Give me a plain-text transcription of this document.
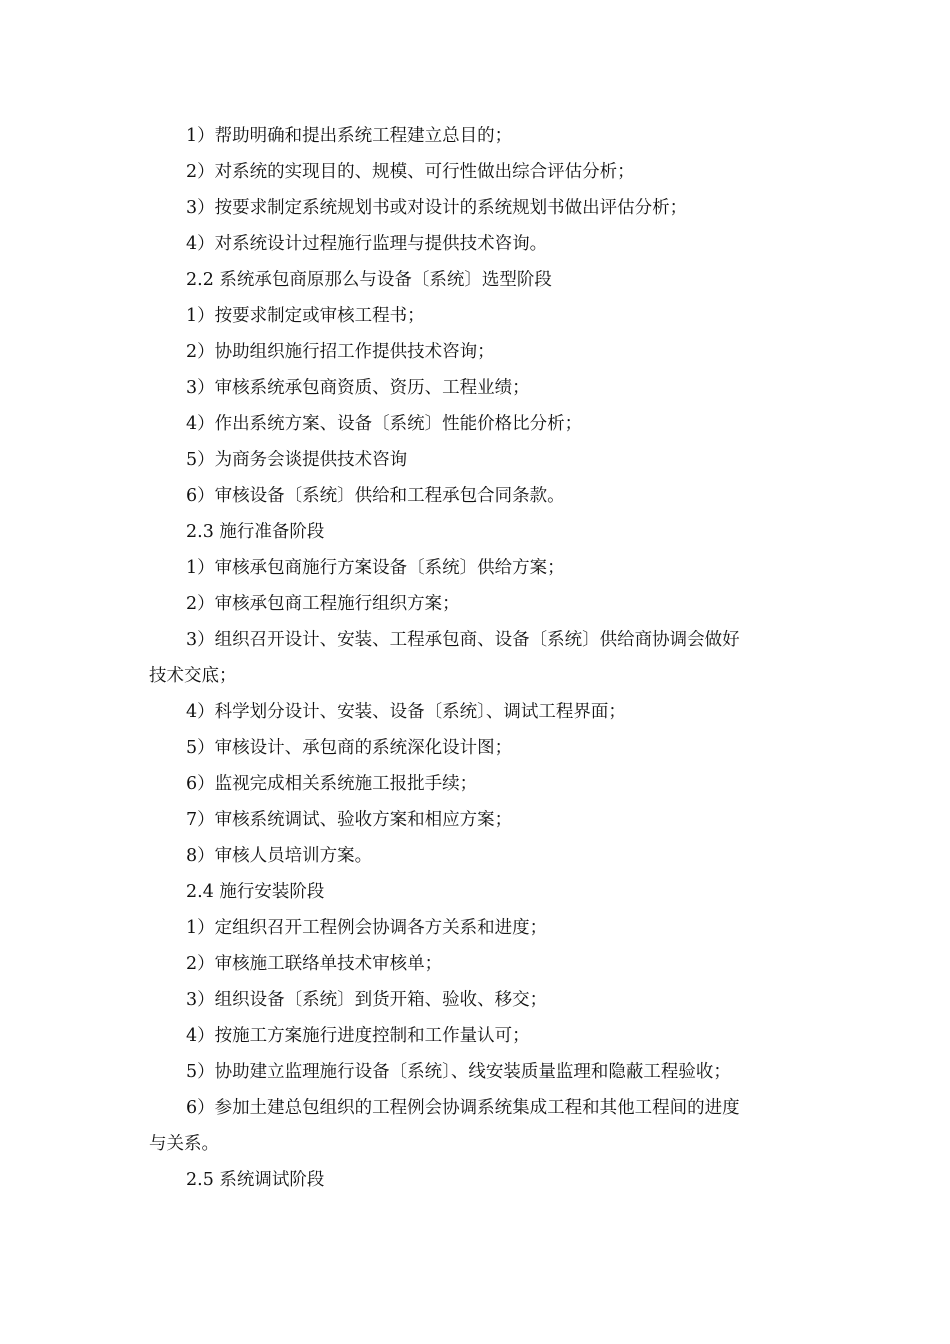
1）帮助明确和提出系统工程建立总目的；
2）对系统的实现目的、规模、可行性做出综合评估分析；
3）按要求制定系统规划书或对设计的系统规划书做出评估分析；
4）对系统设计过程施行监理与提供技术咨询。
2.2 系统承包商原那么与设备〔系统〕选型阶段
1）按要求制定或审核工程书；
2）协助组织施行招工作提供技术咨询；
3）审核系统承包商资质、资历、工程业绩；
4）作出系统方案、设备〔系统〕性能价格比分析；
5）为商务会谈提供技术咨询
6）审核设备〔系统〕供给和工程承包合同条款。
2.3 施行准备阶段
1）审核承包商施行方案设备〔系统〕供给方案；
2）审核承包商工程施行组织方案；
3）组织召开设计、安装、工程承包商、设备〔系统〕供给商协调会做好
技术交底；
4）科学划分设计、安装、设备〔系统〕、调试工程界面；
5）审核设计、承包商的系统深化设计图；
6）监视完成相关系统施工报批手续；
7）审核系统调试、验收方案和相应方案；
8）审核人员培训方案。
2.4 施行安装阶段
1）定组织召开工程例会协调各方关系和进度；
2）审核施工联络单技术审核单；
3）组织设备〔系统〕到货开箱、验收、移交；
4）按施工方案施行进度控制和工作量认可；
5）协助建立监理施行设备〔系统〕、线安装质量监理和隐蔽工程验收；
6）参加土建总包组织的工程例会协调系统集成工程和其他工程间的进度
与关系。
2.5 系统调试阶段
